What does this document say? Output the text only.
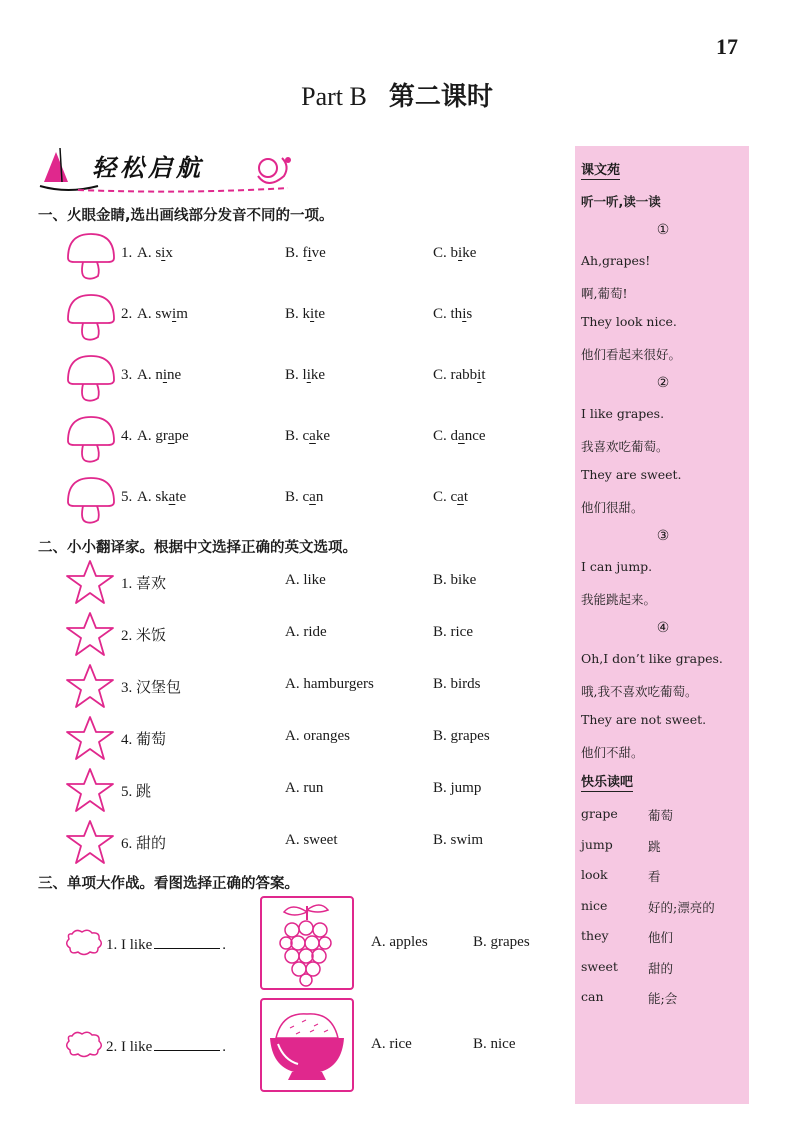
17
Part B 第二课时
轻松启航
一、火眼金睛,选出画线部分发音不同的一项。
1. A. six	B. five	C. bike
2. A. swim	B. kite	C. this
3. A. nine	B. like	C. rabbit
4. A. grape	B. cake	C. dance
5. A. skate	B. can	C. cat
二、小小翻译家。根据中文选择正确的英文选项。
1. 喜欢	A. like	B. bike
2. 米饭	A. ride	B. rice
3. 汉堡包	A. hamburgers	B. birds
4. 葡萄	A. oranges	B. grapes
5. 跳	A. run	B. jump
6. 甜的	A. sweet	B. swim
三、单项大作战。看图选择正确的答案。
1. I like	.	A. apples	B. grapes
2. I like	.	A. rice	B. nice
课文苑
听一听,读一读
①
Ah,grapes!
啊,葡萄!
They look nice.
他们看起来很好。
②
I like grapes.
我喜欢吃葡萄。
They are sweet.
他们很甜。
③
I can jump.
我能跳起来。
④
Oh,I don’t like grapes.
哦,我不喜欢吃葡萄。
They are not sweet.
他们不甜。
快乐读吧
grape 葡萄
jump	跳
look	看
nice	好的;漂亮的
they	他们
sweet 甜的
can	能;会
